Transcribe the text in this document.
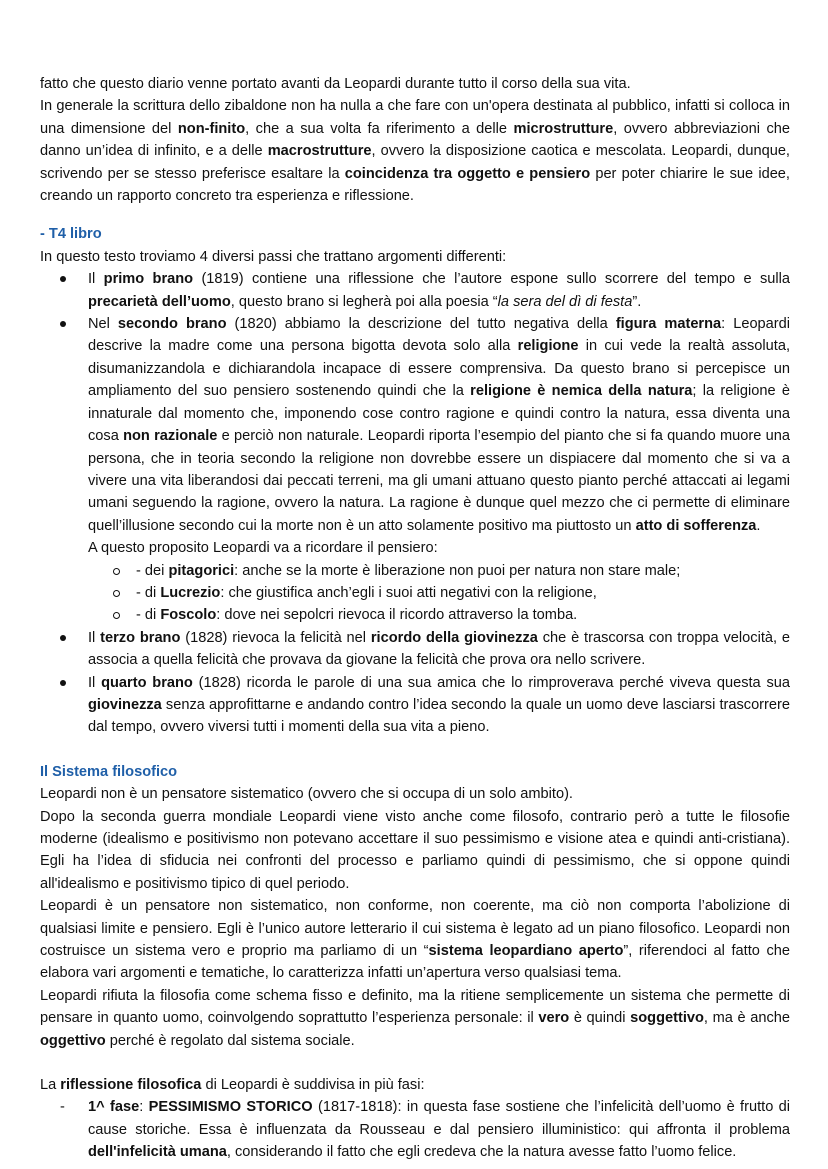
fatto che questo diario venne portato avanti da Leopardi durante tutto il corso della sua vita.

In generale la scrittura dello zibaldone non ha nulla a che fare con un'opera destinata al pubblico, infatti si colloca in una dimensione del non-finito, che a sua volta fa riferimento a delle microstrutture, ovvero abbreviazioni che danno un’idea di infinito, e a delle macrostrutture, ovvero la disposizione caotica e mescolata. Leopardi, dunque, scrivendo per se stesso preferisce esaltare la coincidenza tra oggetto e pensiero per poter chiarire le sue idee, creando un rapporto concreto tra esperienza e riflessione.

- T4 libro

In questo testo troviamo 4 diversi passi che trattano argomenti differenti:

Il primo brano (1819) contiene una riflessione che l’autore espone sullo scorrere del tempo e sulla precarietà dell’uomo, questo brano si legherà poi alla poesia “la sera del dì di festa”.

Nel secondo brano (1820) abbiamo la descrizione del tutto negativa della figura materna: Leopardi descrive la madre come una persona bigotta devota solo alla religione in cui vede la realtà assoluta, disumanizzandola e dichiarandola incapace di essere comprensiva. Da questo brano si percepisce un ampliamento del suo pensiero sostenendo quindi che la religione è nemica della natura; la religione è innaturale dal momento che, imponendo cose contro ragione e quindi contro la natura, essa diventa una cosa non razionale e perciò non naturale. Leopardi riporta l’esempio del pianto che si fa quando muore una persona, che in teoria secondo la religione non dovrebbe essere un dispiacere dal momento che si va a vivere una vita liberandosi dai peccati terreni, ma gli umani attuano questo pianto perché attaccati ai legami umani seguendo la ragione, ovvero la natura. La ragione è dunque quel mezzo che ci permette di eliminare quell’illusione secondo cui la morte non è un atto solamente positivo ma piuttosto un atto di sofferenza.

A questo proposito Leopardi va a ricordare il pensiero:

- dei pitagorici: anche se la morte è liberazione non puoi per natura non stare male;
- di Lucrezio: che giustifica anch’egli i suoi atti negativi con la religione,
- di Foscolo: dove nei sepolcri rievoca il ricordo attraverso la tomba.
Il terzo brano (1828) rievoca la felicità nel ricordo della giovinezza che è trascorsa con troppa velocità, e associa a quella felicità che provava da giovane la felicità che prova ora nello scrivere.
Il quarto brano (1828) ricorda le parole di una sua amica che lo rimproverava perché viveva questa sua giovinezza senza approfittarne e andando contro l’idea secondo la quale un uomo deve lasciarsi trascorrere dal tempo, ovvero viversi tutti i momenti della sua vita a pieno.

Il Sistema filosofico

Leopardi non è un pensatore sistematico (ovvero che si occupa di un solo ambito).

Dopo la seconda guerra mondiale Leopardi viene visto anche come filosofo, contrario però a tutte le filosofie moderne (idealismo e positivismo non potevano accettare il suo pessimismo e visione atea e quindi anti-cristiana). Egli ha l’idea di sfiducia nei confronti del processo e parliamo quindi di pessimismo, che si oppone quindi all'idealismo e positivismo tipico di quel periodo.

Leopardi è un pensatore non sistematico, non conforme, non coerente, ma ciò non comporta l’abolizione di qualsiasi limite e pensiero. Egli è l’unico autore letterario il cui sistema è legato ad un piano filosofico. Leopardi non costruisce un sistema vero e proprio ma parliamo di un “sistema leopardiano aperto”, riferendoci al fatto che elabora vari argomenti e tematiche, lo caratterizza infatti un’apertura verso qualsiasi tema.

Leopardi rifiuta la filosofia come schema fisso e definito, ma la ritiene semplicemente un sistema che permette di pensare in quanto uomo, coinvolgendo soprattutto l’esperienza personale: il vero è quindi soggettivo, ma è anche oggettivo perché è regolato dal sistema sociale.

La riflessione filosofica di Leopardi è suddivisa in più fasi:

- 1^ fase: PESSIMISMO STORICO (1817-1818): in questa fase sostiene che l’infelicità dell’uomo è frutto di cause storiche. Essa è influenzata da Rousseau e dal pensiero illuministico: qui affronta il problema dell'infelicità umana, considerando il fatto che egli credeva che la natura avesse fatto l’uomo felice.
